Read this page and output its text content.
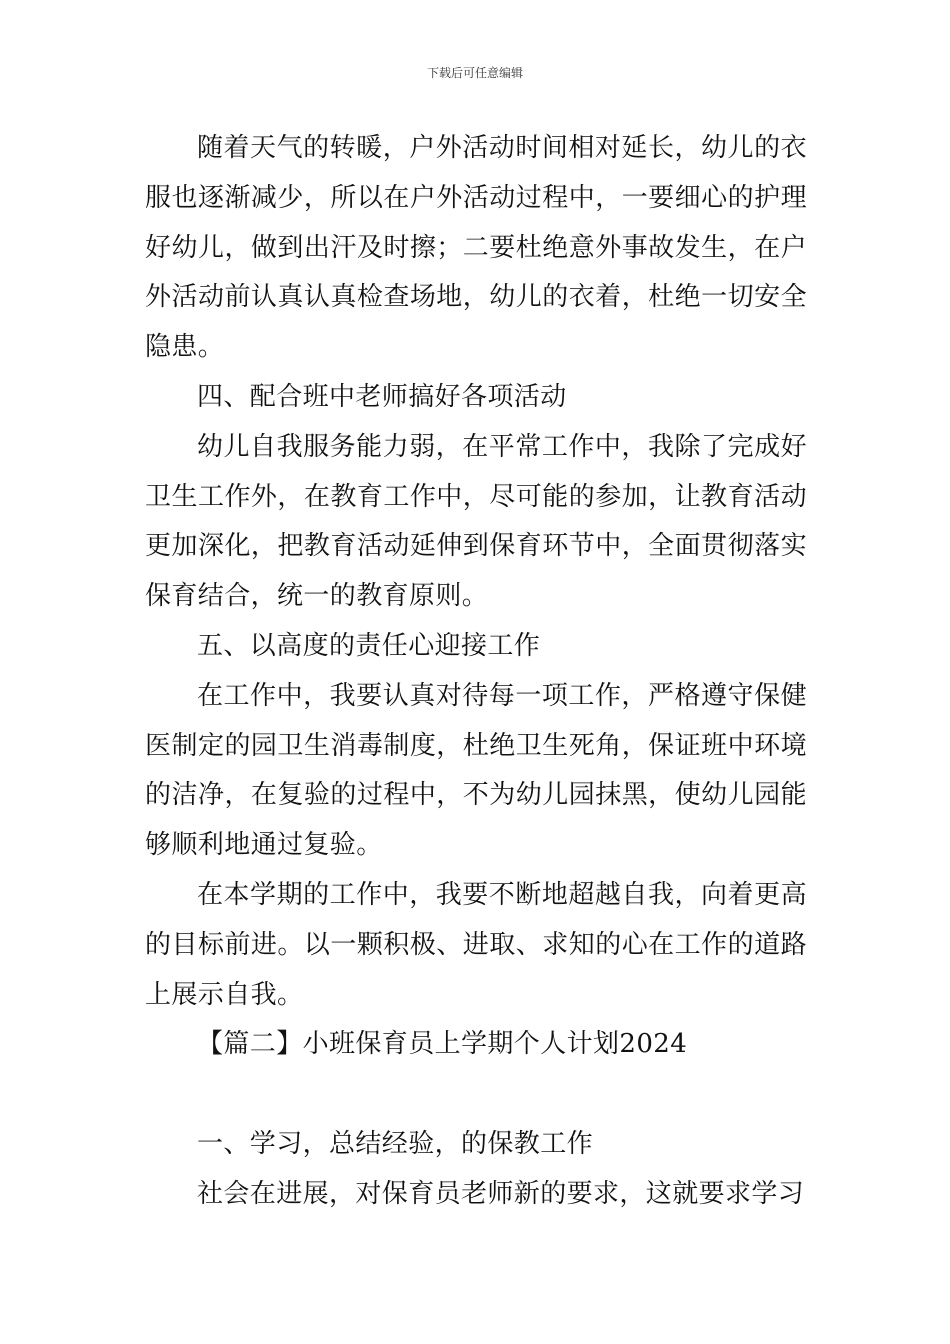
下载后可任意编辑

随着天气的转暖，户外活动时间相对延长，幼儿的衣服也逐渐减少，所以在户外活动过程中，一要细心的护理好幼儿，做到出汗及时擦；二要杜绝意外事故发生，在户外活动前认真认真检查场地，幼儿的衣着，杜绝一切安全隐患。

四、配合班中老师搞好各项活动

幼儿自我服务能力弱，在平常工作中，我除了完成好卫生工作外，在教育工作中，尽可能的参加，让教育活动更加深化，把教育活动延伸到保育环节中，全面贯彻落实保育结合，统一的教育原则。

五、以高度的责任心迎接工作

在工作中，我要认真对待每一项工作，严格遵守保健医制定的园卫生消毒制度，杜绝卫生死角，保证班中环境的洁净，在复验的过程中，不为幼儿园抹黑，使幼儿园能够顺利地通过复验。

在本学期的工作中，我要不断地超越自我，向着更高的目标前进。以一颗积极、进取、求知的心在工作的道路上展示自我。

【篇二】小班保育员上学期个人计划2024

一、学习，总结经验，的保教工作

社会在进展，对保育员老师新的要求，这就要求学习
